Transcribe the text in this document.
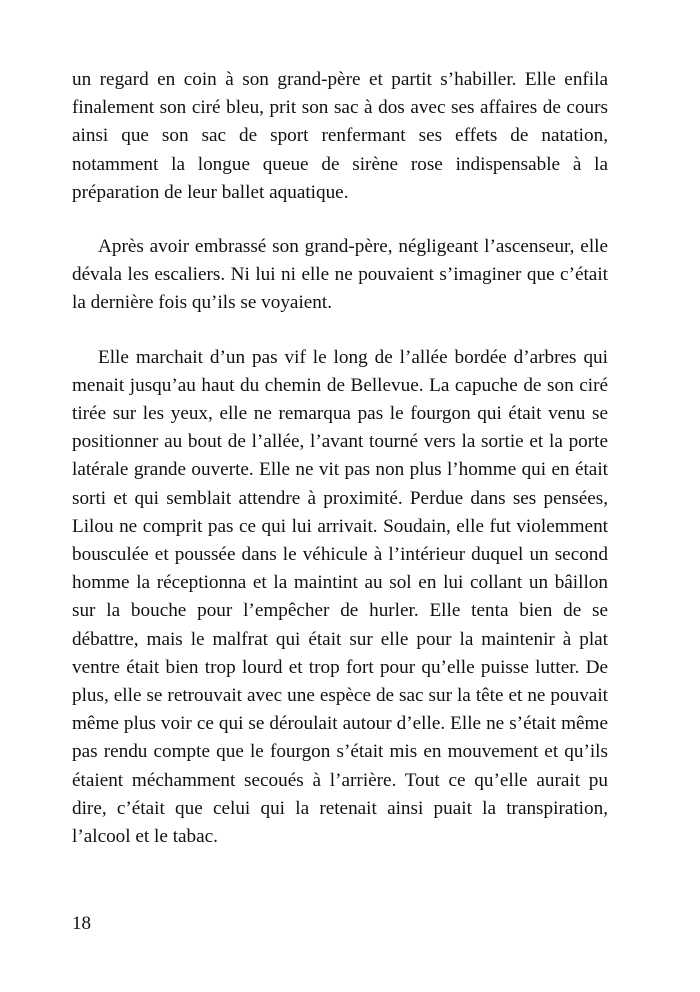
un regard en coin à son grand-père et partit s’habiller. Elle enfila finalement son ciré bleu, prit son sac à dos avec ses affaires de cours ainsi que son sac de sport renfermant ses effets de natation, notamment la longue queue de sirène rose indispensable à la préparation de leur ballet aquatique.

Après avoir embrassé son grand-père, négligeant l’ascenseur, elle dévala les escaliers. Ni lui ni elle ne pouvaient s’imaginer que c’était la dernière fois qu’ils se voyaient.

Elle marchait d’un pas vif le long de l’allée bordée d’arbres qui menait jusqu’au haut du chemin de Bellevue. La capuche de son ciré tirée sur les yeux, elle ne remarqua pas le fourgon qui était venu se positionner au bout de l’allée, l’avant tourné vers la sortie et la porte latérale grande ouverte. Elle ne vit pas non plus l’homme qui en était sorti et qui semblait attendre à proximité. Perdue dans ses pensées, Lilou ne comprit pas ce qui lui arrivait. Soudain, elle fut violemment bousculée et poussée dans le véhicule à l’intérieur duquel un second homme la réceptionna et la maintint au sol en lui collant un bâillon sur la bouche pour l’empêcher de hurler. Elle tenta bien de se débattre, mais le malfrat qui était sur elle pour la maintenir à plat ventre était bien trop lourd et trop fort pour qu’elle puisse lutter. De plus, elle se retrouvait avec une espèce de sac sur la tête et ne pouvait même plus voir ce qui se déroulait autour d’elle. Elle ne s’était même pas rendu compte que le fourgon s’était mis en mouvement et qu’ils étaient méchamment secoués à l’arrière. Tout ce qu’elle aurait pu dire, c’était que celui qui la retenait ainsi puait la transpiration, l’alcool et le tabac.

18
